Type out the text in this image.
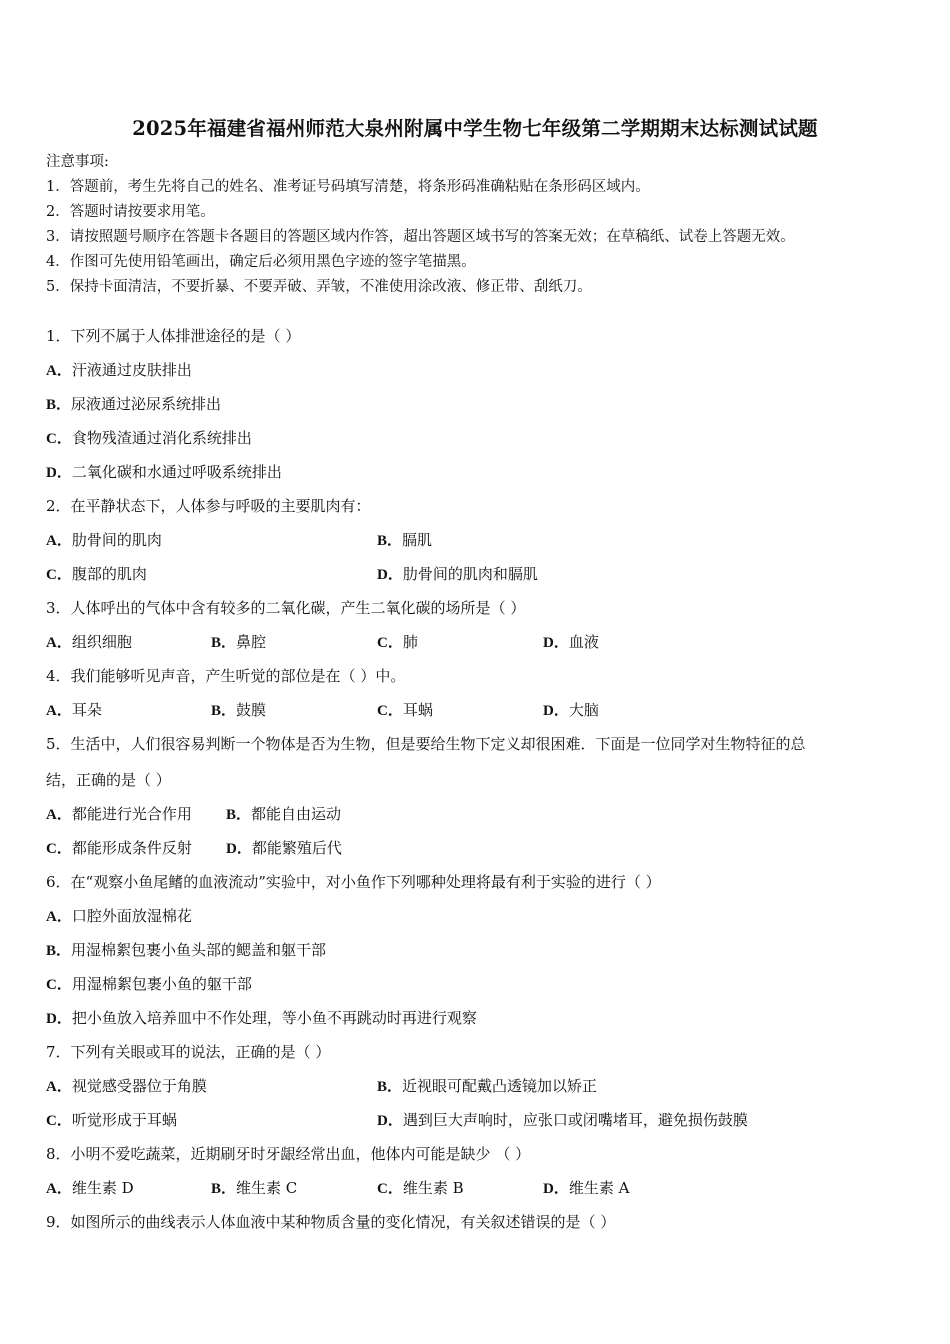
2025年福建省福州师范大泉州附属中学生物七年级第二学期期末达标测试试题
注意事项:
1．答题前，考生先将自己的姓名、准考证号码填写清楚，将条形码准确粘贴在条形码区域内。
2．答题时请按要求用笔。
3．请按照题号顺序在答题卡各题目的答题区域内作答，超出答题区域书写的答案无效；在草稿纸、试卷上答题无效。
4．作图可先使用铅笔画出，确定后必须用黑色字迹的签字笔描黑。
5．保持卡面清洁，不要折暴、不要弄破、弄皱，不准使用涂改液、修正带、刮纸刀。
1．下列不属于人体排泄途径的是（ ）
A．汗液通过皮肤排出
B．尿液通过泌尿系统排出
C．食物残渣通过消化系统排出
D．二氧化碳和水通过呼吸系统排出
2．在平静状态下，人体参与呼吸的主要肌肉有：
A．肋骨间的肌肉	B．膈肌
C．腹部的肌肉	D．肋骨间的肌肉和膈肌
3．人体呼出的气体中含有较多的二氧化碳，产生二氧化碳的场所是（ ）
A．组织细胞	B．鼻腔	C．肺	D．血液
4．我们能够听见声音，产生听觉的部位是在（ ）中。
A．耳朵	B．鼓膜	C．耳蜗	D．大脑
5．生活中，人们很容易判断一个物体是否为生物，但是要给生物下定义却很困难．下面是一位同学对生物特征的总
结，正确的是（ ）
A．都能进行光合作用 B．都能自由运动
C．都能形成条件反射 D．都能繁殖后代
6．在“观察小鱼尾鳍的血液流动”实验中，对小鱼作下列哪种处理将最有利于实验的进行（ ）
A．口腔外面放湿棉花
B．用湿棉絮包裹小鱼头部的鳃盖和躯干部
C．用湿棉絮包裹小鱼的躯干部
D．把小鱼放入培养皿中不作处理，等小鱼不再跳动时再进行观察
7．下列有关眼或耳的说法，正确的是（ ）
A．视觉感受器位于角膜	B．近视眼可配戴凸透镜加以矫正
C．听觉形成于耳蜗	D．遇到巨大声响时，应张口或闭嘴堵耳，避免损伤鼓膜
8．小明不爱吃蔬菜，近期刷牙时牙龈经常出血，他体内可能是缺少 （ ）
A．维生素 D	B．维生素 C	C．维生素 B	D．维生素 A
9．如图所示的曲线表示人体血液中某种物质含量的变化情况，有关叙述错误的是（ ）
